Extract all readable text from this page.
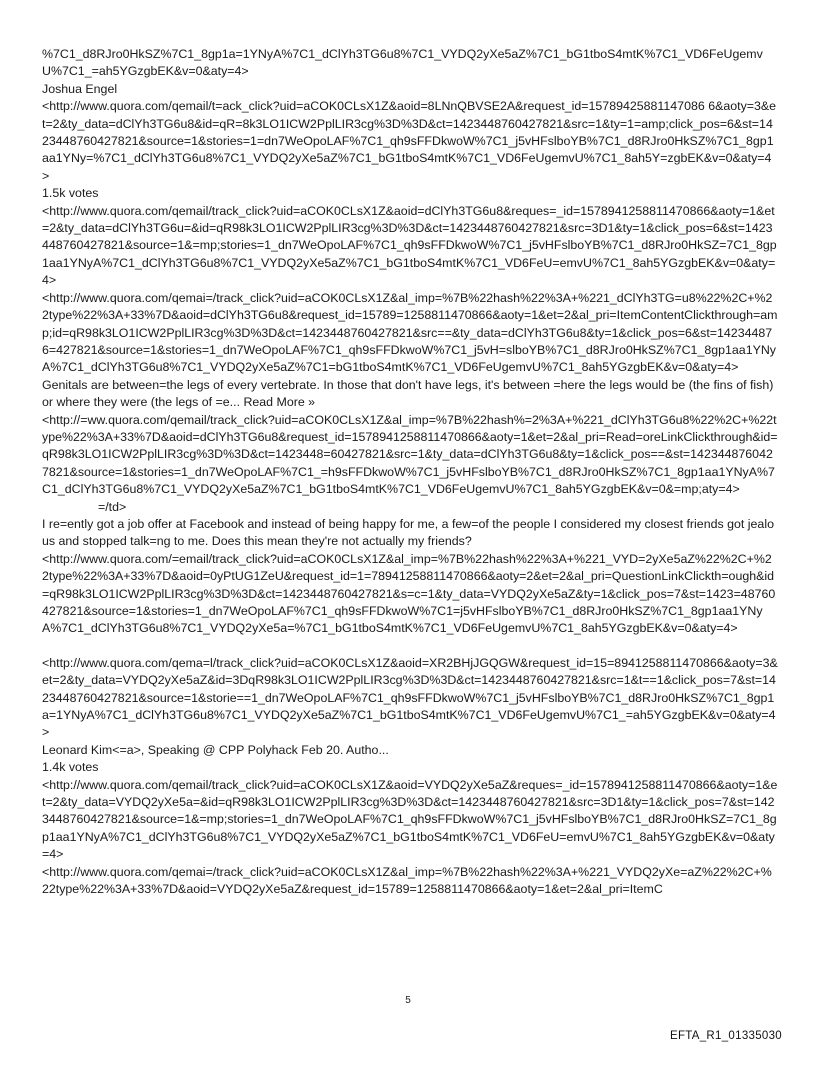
%7C1_d8RJro0HkSZ%7C1_8gp1a=1YNyA%7C1_dClYh3TG6u8%7C1_VYDQ2yXe5aZ%7C1_bG1tboS4mtK%7C1_VD6FeUgemvU%7C1_=ah5YGzgbEK&v=0&aty=4>

Joshua Engel

<http://www.quora.com/qemail/t=ack_click?uid=aCOK0CLsX1Z&aoid=8LNnQBVSE2A&request_id=15789425881147086 6&aoty=3&et=2&ty_data=dClYh3TG6u8&id=qR=8k3LO1ICW2PplLIR3cg%3D%3D&ct=1423448760427821&src=1&ty=1=amp;click_pos=6&st=1423448760427821&source=1&stories=1=dn7WeOpoLAF%7C1_qh9sFFDkwoW%7C1_j5vHFslboYB%7C1_d8RJro0HkSZ%7C1_8gp1aa1YNy=%7C1_dClYh3TG6u8%7C1_VYDQ2yXe5aZ%7C1_bG1tboS4mtK%7C1_VD6FeUgemvU%7C1_8ah5Y=zgbEK&v=0&aty=4>

1.5k votes

<http://www.quora.com/qemail/track_click?uid=aCOK0CLsX1Z&aoid=dClYh3TG6u8&reques=_id=1578941258811470866&aoty=1&et=2&ty_data=dClYh3TG6u=&id=qR98k3LO1ICW2PplLIR3cg%3D%3D&ct=1423448760427821&src=3D1&ty=1&click_pos=6&st=1423448760427821&source=1&=mp;stories=1_dn7WeOpoLAF%7C1_qh9sFFDkwoW%7C1_j5vHFslboYB%7C1_d8RJro0HkSZ=7C1_8gp1aa1YNyA%7C1_dClYh3TG6u8%7C1_VYDQ2yXe5aZ%7C1_bG1tboS4mtK%7C1_VD6FeU=emvU%7C1_8ah5YGzgbEK&v=0&aty=4>

<http://www.quora.com/qemai=/track_click?uid=aCOK0CLsX1Z&al_imp=%7B%22hash%22%3A+%221_dClYh3TG=u8%22%2C+%22type%22%3A+33%7D&aoid=dClYh3TG6u8&request_id=15789=1258811470866&aoty=1&et=2&al_pri=ItemContentClickthrough=amp;id=qR98k3LO1ICW2PplLIR3cg%3D%3D&ct=1423448760427821&src==&ty_data=dClYh3TG6u8&ty=1&click_pos=6&st=142344876=427821&source=1&stories=1_dn7WeOpoLAF%7C1_qh9sFFDkwoW%7C1_j5vH=slboYB%7C1_d8RJro0HkSZ%7C1_8gp1aa1YNyA%7C1_dClYh3TG6u8%7C1_VYDQ2yXe5aZ%7C1=bG1tboS4mtK%7C1_VD6FeUgemvU%7C1_8ah5YGzgbEK&v=0&aty=4>

Genitals are between=the legs of every vertebrate. In those that don't have legs, it's between =here the legs would be (the fins of fish) or where they were (the legs of =e... Read More »

<http://=ww.quora.com/qemail/track_click?uid=aCOK0CLsX1Z&al_imp=%7B%22hash%=2%3A+%221_dClYh3TG6u8%22%2C+%22type%22%3A+33%7D&aoid=dClYh3TG6u8&request_id=1578941258811470866&aoty=1&et=2&al_pri=Read=oreLinkClickthrough&id=qR98k3LO1ICW2PplLIR3cg%3D%3D&ct=1423448=60427821&src=1&ty_data=dClYh3TG6u8&ty=1&click_pos==&st=1423448760427821&source=1&stories=1_dn7WeOpoLAF%7C1_=h9sFFDkwoW%7C1_j5vHFslboYB%7C1_d8RJro0HkSZ%7C1_8gp1aa1YNyA%7C1_dClYh3TG6u8%7C1_VYDQ2yXe5aZ%7C1_bG1tboS4mtK%7C1_VD6FeUgemvU%7C1_8ah5YGzgbEK&v=0&=mp;aty=4>

=/td>

I re=ently got a job offer at Facebook and instead of being happy for me, a few=of the people I considered my closest friends got jealous and stopped talk=ng to me. Does this mean they're not actually my friends?

<http://www.quora.com/=email/track_click?uid=aCOK0CLsX1Z&al_imp=%7B%22hash%22%3A+%221_VYD=2yXe5aZ%22%2C+%22type%22%3A+33%7D&aoid=0yPtUG1ZeU&request_id=1=78941258811470866&aoty=2&et=2&al_pri=QuestionLinkClickth=ough&id=qR98k3LO1ICW2PplLIR3cg%3D%3D&ct=1423448760427821&s=c=1&ty_data=VYDQ2yXe5aZ&ty=1&click_pos=7&st=1423=48760427821&source=1&stories=1_dn7WeOpoLAF%7C1_qh9sFFDkwoW%7C1=j5vHFslboYB%7C1_d8RJro0HkSZ%7C1_8gp1aa1YNyA%7C1_dClYh3TG6u8%7C1_VYDQ2yXe5a=%7C1_bG1tboS4mtK%7C1_VD6FeUgemvU%7C1_8ah5YGzgbEK&v=0&aty=4>

<http://www.quora.com/qema=l/track_click?uid=aCOK0CLsX1Z&aoid=XR2BHjJGQGW&request_id=15=8941258811470866&aoty=3&et=2&ty_data=VYDQ2yXe5aZ&id=3DqR98k3LO1ICW2PplLIR3cg%3D%3D&ct=1423448760427821&src=1&t==1&click_pos=7&st=1423448760427821&source=1&storie==1_dn7WeOpoLAF%7C1_qh9sFFDkwoW%7C1_j5vHFslboYB%7C1_d8RJro0HkSZ%7C1_8gp1a=1YNyA%7C1_dClYh3TG6u8%7C1_VYDQ2yXe5aZ%7C1_bG1tboS4mtK%7C1_VD6FeUgemvU%7C1_=ah5YGzgbEK&v=0&aty=4>

Leonard Kim<=a>, Speaking @ CPP Polyhack Feb 20. Autho...

1.4k votes

<http://www.quora.com/qemail/track_click?uid=aCOK0CLsX1Z&aoid=VYDQ2yXe5aZ&reques=_id=1578941258811470866&aoty=1&et=2&ty_data=VYDQ2yXe5a=&id=qR98k3LO1ICW2PplLIR3cg%3D%3D&ct=1423448760427821&src=3D1&ty=1&click_pos=7&st=1423448760427821&source=1&=mp;stories=1_dn7WeOpoLAF%7C1_qh9sFFDkwoW%7C1_j5vHFslboYB%7C1_d8RJro0HkSZ=7C1_8gp1aa1YNyA%7C1_dClYh3TG6u8%7C1_VYDQ2yXe5aZ%7C1_bG1tboS4mtK%7C1_VD6FeU=emvU%7C1_8ah5YGzgbEK&v=0&aty=4>

<http://www.quora.com/qemai=/track_click?uid=aCOK0CLsX1Z&al_imp=%7B%22hash%22%3A+%221_VYDQ2yXe=aZ%22%2C+%22type%22%3A+33%7D&aoid=VYDQ2yXe5aZ&request_id=15789=1258811470866&aoty=1&et=2&al_pri=ItemC

5
EFTA_R1_01335030
